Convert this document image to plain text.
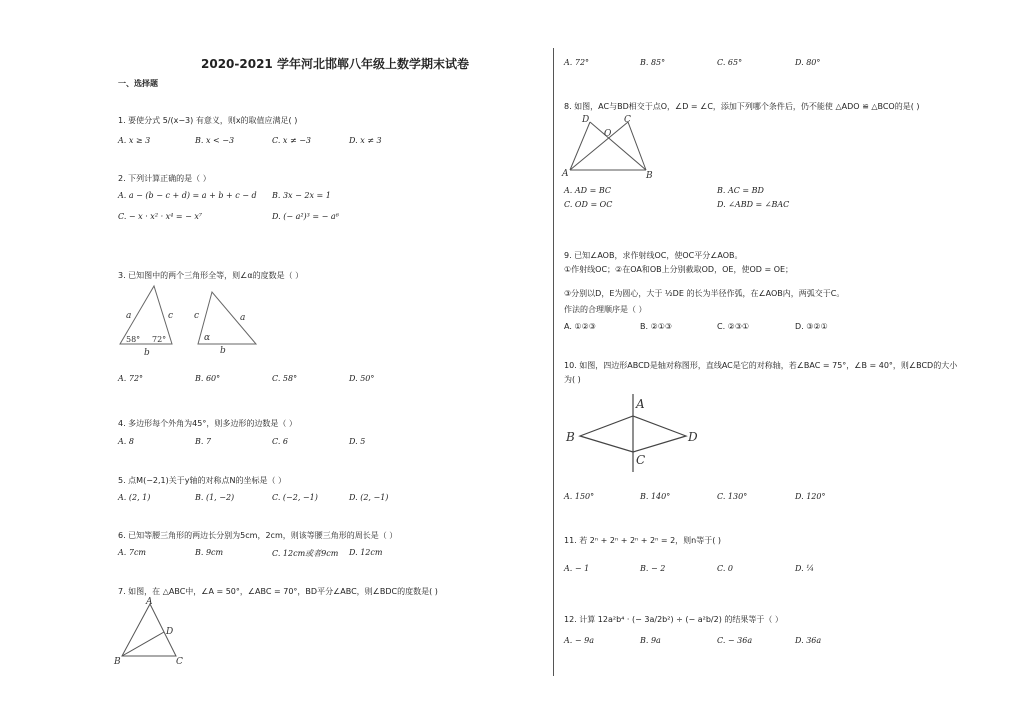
2020-2021 学年河北邯郸八年级上数学期末试卷
一、选择题
1. 要使分式 5/(x−3) 有意义，则x的取值应满足( )
A. x ≥ 3	B. x < −3	C. x ≠ −3	D. x ≠ 3
2. 下列计算正确的是（ ）
A. a − (b − c + d) = a + b + c − d B. 3x − 2x = 1
C. − x · x² · x⁴ = − x⁷	D. (− a²)³ = − a⁶
3. 已知图中的两个三角形全等，则∠α的度数是（ ）
a	c
b
58° 72°
c	a
b
α
A. 72°	B. 60°	C. 58°	D. 50°
4. 多边形每个外角为45°，则多边形的边数是（ ）
A. 8	B. 7	C. 6	D. 5
5. 点M(−2,1)关于y轴的对称点N的坐标是（ ）
A. (2, 1)	B. (1, −2)	C. (−2, −1)	D. (2, −1)
6. 已知等腰三角形的两边长分别为5cm，2cm，则该等腰三角形的周长是（ ）
A. 7cm	B. 9cm	C. 12cm或者9cm D. 12cm
7. 如图，在 △ABC中，∠A = 50°，∠ABC = 70°，BD平分∠ABC，则∠BDC的度数是( )
A
D
B	C
A. 72°	B. 85°	C. 65°	D. 80°
8. 如图，AC与BD相交于点O，∠D = ∠C，添加下列哪个条件后，仍不能使 △ADO ≌ △BCO的是( )
D	C
O
A	B
A. AD = BC	B. AC = BD
C. OD = OC	D. ∠ABD = ∠BAC
9. 已知∠AOB，求作射线OC，使OC平分∠AOB。
①作射线OC；②在OA和OB上分别截取OD，OE，使OD = OE；
③分别以D，E为圆心，大于 ½DE 的长为半径作弧，在∠AOB内，两弧交于C。
作法的合理顺序是（ ）
A. ①②③	B. ②①③	C. ②③①	D. ③②①
10. 如图，四边形ABCD是轴对称图形，直线AC是它的对称轴，若∠BAC = 75°，∠B = 40°，则∠BCD的大小
为( )
A
B	D
C
A. 150°	B. 140°	C. 130°	D. 120°
11. 若 2ⁿ + 2ⁿ + 2ⁿ + 2ⁿ = 2，则n等于( )
A. − 1	B. − 2	C. 0	D. ¼
12. 计算 12a²b⁴ · (− 3a/2b²) ÷ (− a²b/2) 的结果等于（ ）
A. − 9a	B. 9a	C. − 36a	D. 36a
